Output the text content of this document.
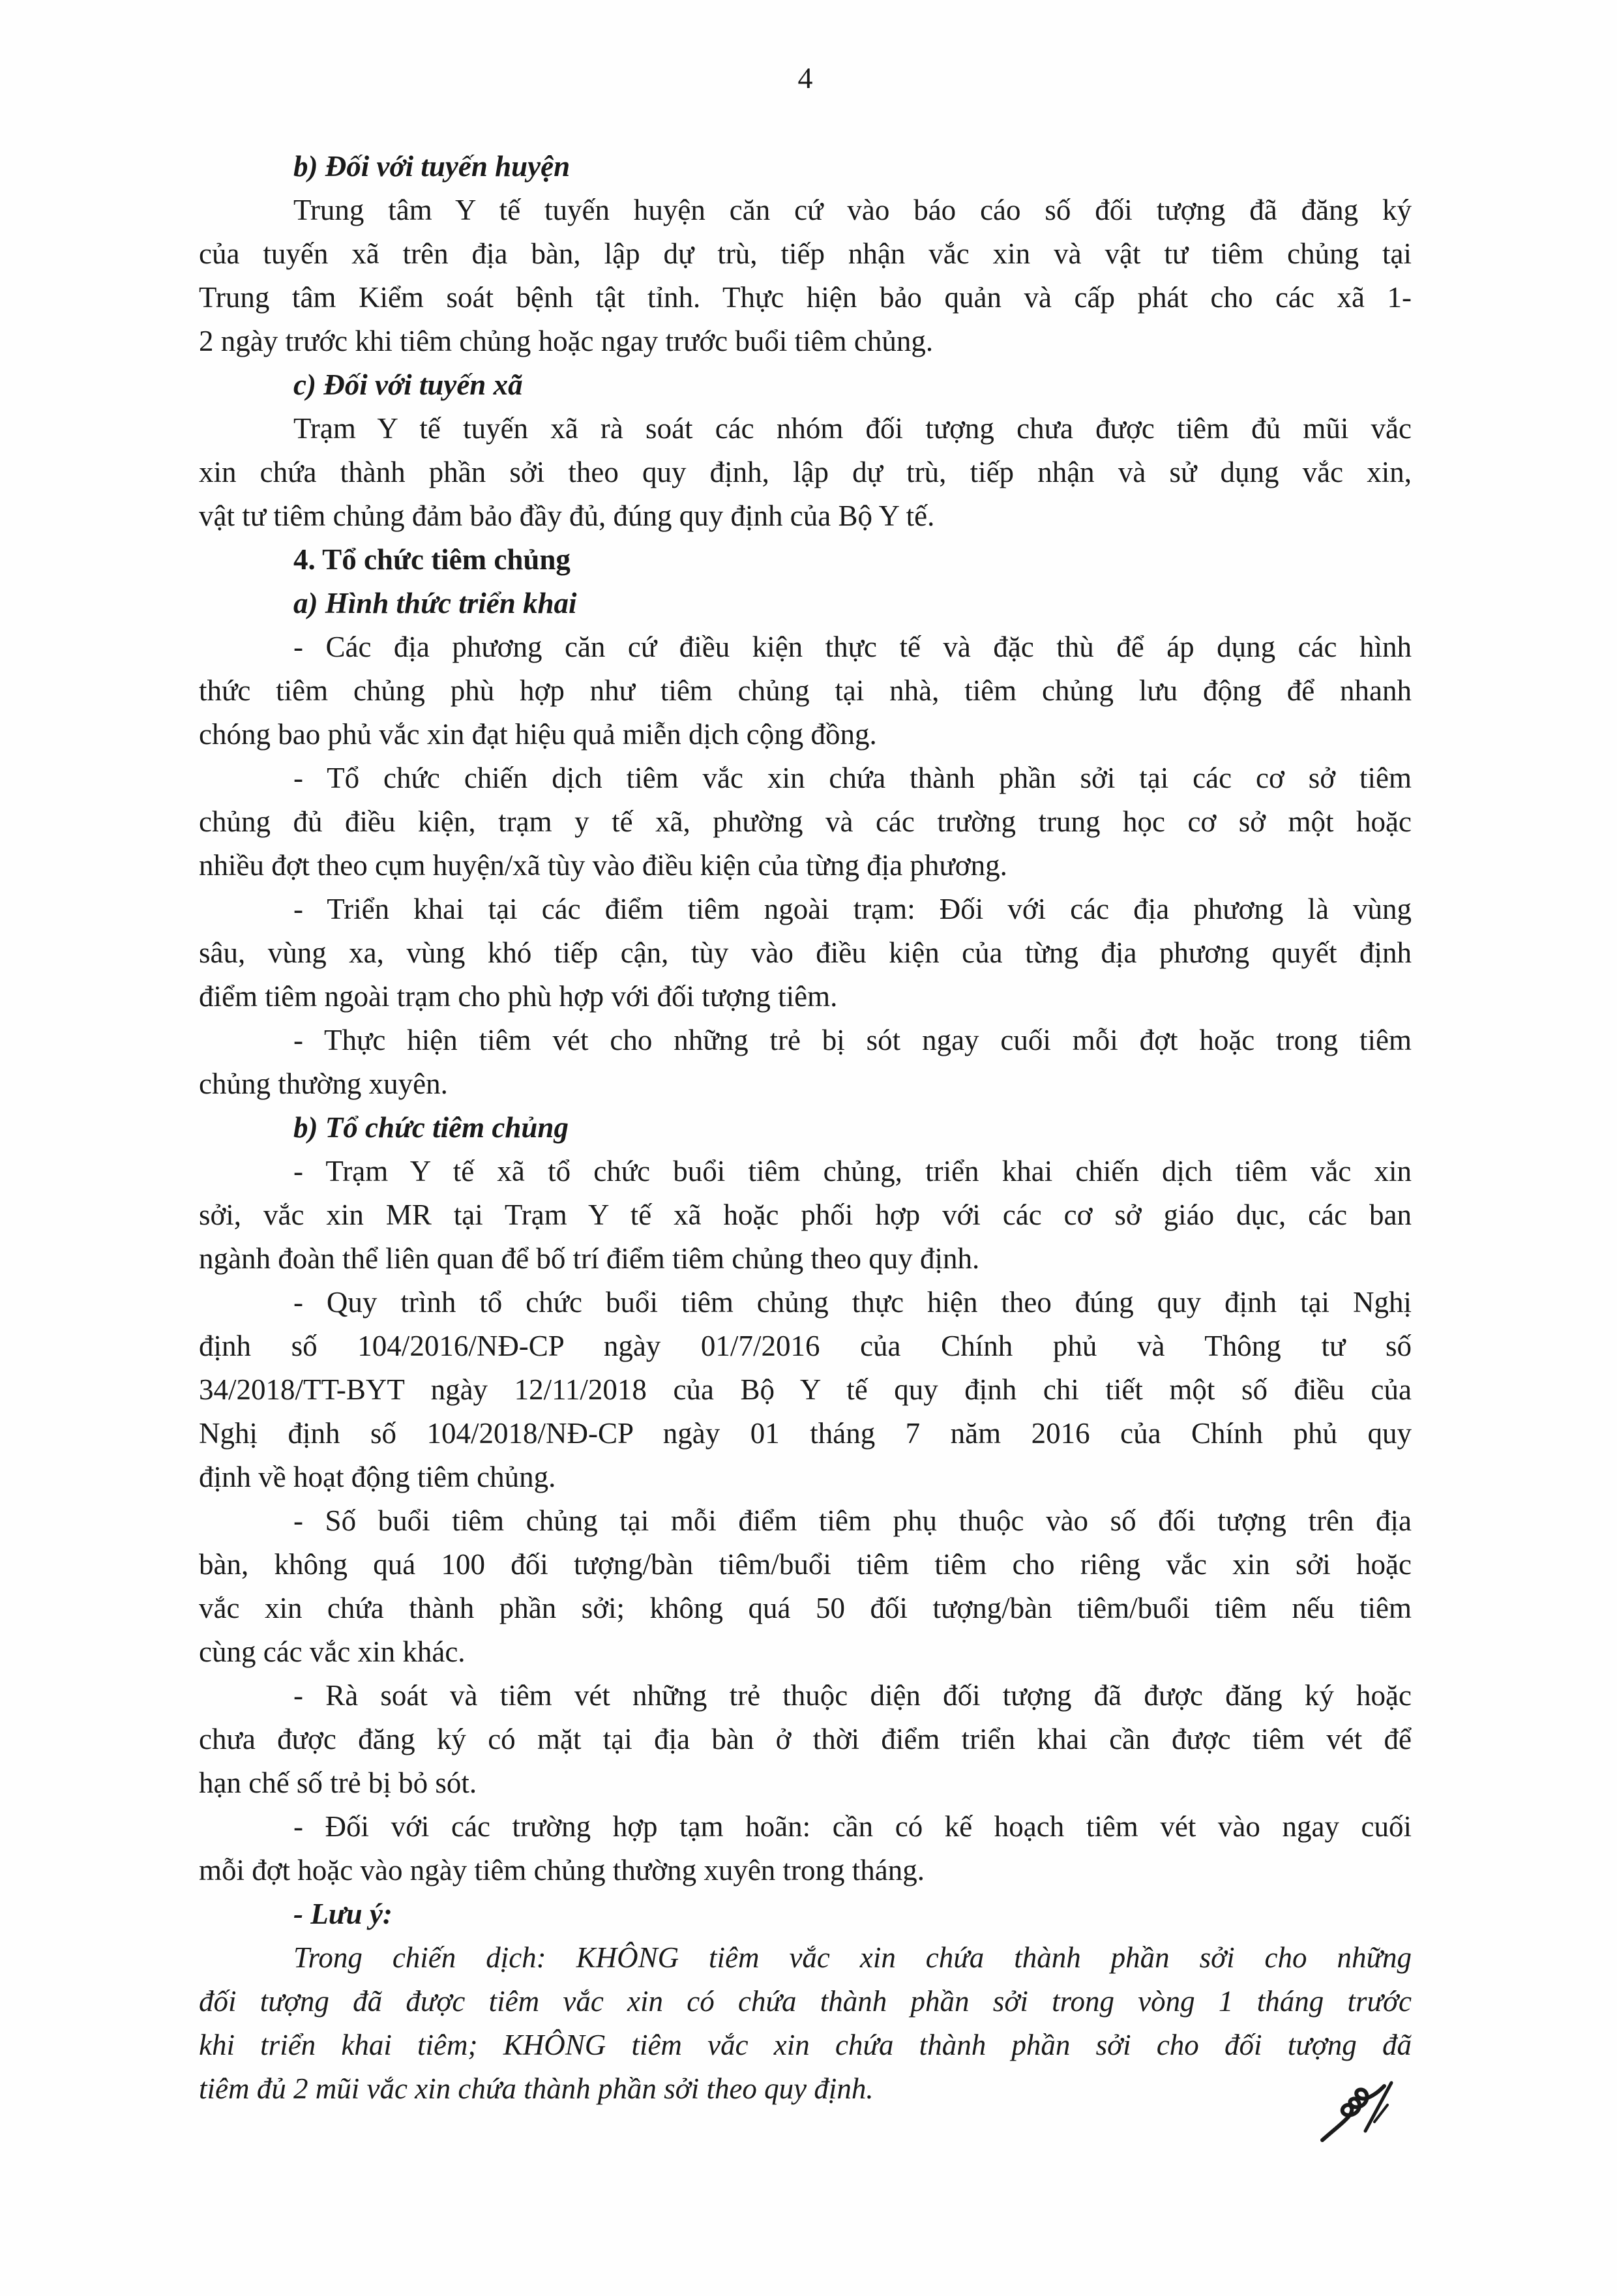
4
b) Đối với tuyến huyện
Trung tâm Y tế tuyến huyện căn cứ vào báo cáo số đối tượng đã đăng ký
của tuyến xã trên địa bàn, lập dự trù, tiếp nhận vắc xin và vật tư tiêm chủng tại
Trung tâm Kiểm soát bệnh tật tỉnh. Thực hiện bảo quản và cấp phát cho các xã 1-
2 ngày trước khi tiêm chủng hoặc ngay trước buổi tiêm chủng.
c) Đối với tuyến xã
Trạm Y tế tuyến xã rà soát các nhóm đối tượng chưa được tiêm đủ mũi vắc
xin chứa thành phần sởi theo quy định, lập dự trù, tiếp nhận và sử dụng vắc xin,
vật tư tiêm chủng đảm bảo đầy đủ, đúng quy định của Bộ Y tế.
4. Tổ chức tiêm chủng
a) Hình thức triển khai
- Các địa phương căn cứ điều kiện thực tế và đặc thù để áp dụng các hình
thức tiêm chủng phù hợp như tiêm chủng tại nhà, tiêm chủng lưu động để nhanh
chóng bao phủ vắc xin đạt hiệu quả miễn dịch cộng đồng.
- Tổ chức chiến dịch tiêm vắc xin chứa thành phần sởi tại các cơ sở tiêm
chủng đủ điều kiện, trạm y tế xã, phường và các trường trung học cơ sở một hoặc
nhiều đợt theo cụm huyện/xã tùy vào điều kiện của từng địa phương.
- Triển khai tại các điểm tiêm ngoài trạm: Đối với các địa phương là vùng
sâu, vùng xa, vùng khó tiếp cận, tùy vào điều kiện của từng địa phương quyết định
điểm tiêm ngoài trạm cho phù hợp với đối tượng tiêm.
- Thực hiện tiêm vét cho những trẻ bị sót ngay cuối mỗi đợt hoặc trong tiêm
chủng thường xuyên.
b) Tổ chức tiêm chủng
- Trạm Y tế xã tổ chức buổi tiêm chủng, triển khai chiến dịch tiêm vắc xin
sởi, vắc xin MR tại Trạm Y tế xã hoặc phối hợp với các cơ sở giáo dục, các ban
ngành đoàn thể liên quan để bố trí điểm tiêm chủng theo quy định.
- Quy trình tổ chức buổi tiêm chủng thực hiện theo đúng quy định tại Nghị
định số 104/2016/NĐ-CP ngày 01/7/2016 của Chính phủ và Thông tư số
34/2018/TT-BYT ngày 12/11/2018 của Bộ Y tế quy định chi tiết một số điều của
Nghị định số 104/2018/NĐ-CP ngày 01 tháng 7 năm 2016 của Chính phủ quy
định về hoạt động tiêm chủng.
- Số buổi tiêm chủng tại mỗi điểm tiêm phụ thuộc vào số đối tượng trên địa
bàn, không quá 100 đối tượng/bàn tiêm/buổi tiêm tiêm cho riêng vắc xin sởi hoặc
vắc xin chứa thành phần sởi; không quá 50 đối tượng/bàn tiêm/buổi tiêm nếu tiêm
cùng các vắc xin khác.
- Rà soát và tiêm vét những trẻ thuộc diện đối tượng đã được đăng ký hoặc
chưa được đăng ký có mặt tại địa bàn ở thời điểm triển khai cần được tiêm vét để
hạn chế số trẻ bị bỏ sót.
- Đối với các trường hợp tạm hoãn: cần có kế hoạch tiêm vét vào ngay cuối
mỗi đợt hoặc vào ngày tiêm chủng thường xuyên trong tháng.
- Lưu ý:
Trong chiến dịch: KHÔNG tiêm vắc xin chứa thành phần sởi cho những
đối tượng đã được tiêm vắc xin có chứa thành phần sởi trong vòng 1 tháng trước
khi triển khai tiêm; KHÔNG tiêm vắc xin chứa thành phần sởi cho đối tượng đã
tiêm đủ 2 mũi vắc xin chứa thành phần sởi theo quy định.
